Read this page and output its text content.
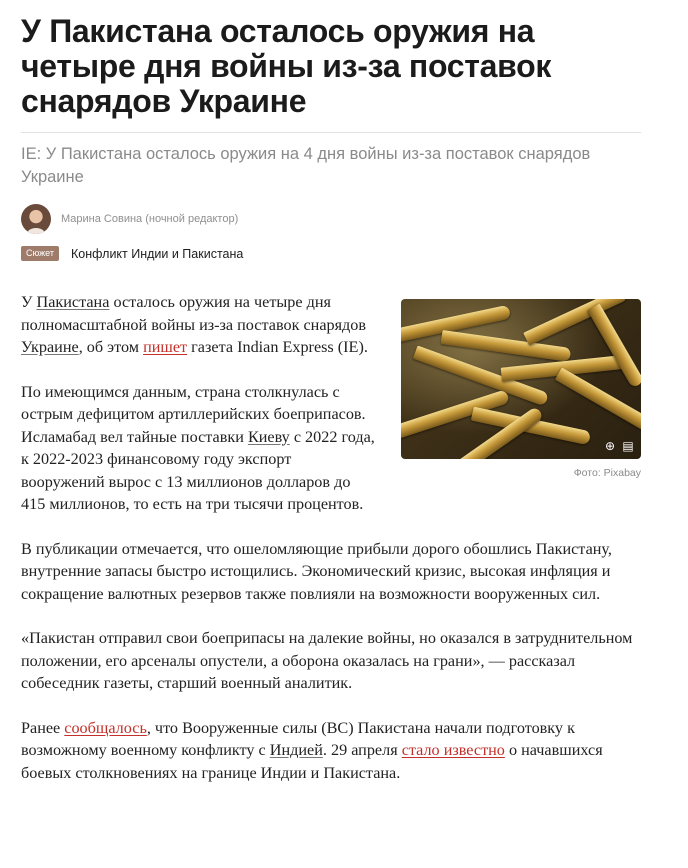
У Пакистана осталось оружия на четыре дня войны из-за поставок снарядов Украине
IE: У Пакистана осталось оружия на 4 дня войны из-за поставок снарядов Украине
Марина Совина (ночной редактор)
Сюжет	Конфликт Индии и Пакистана
⊕ ▤
Фото: Pixabay

У Пакистана осталось оружия на четыре дня полномасштабной войны из-за поставок снарядов Украине, об этом пишет газета Indian Express (IE).

По имеющимся данным, страна столкнулась с острым дефицитом артиллерийских боеприпасов. Исламабад вел тайные поставки Киеву с 2022 года, к 2022-2023 финансовому году экспорт вооружений вырос с 13 миллионов долларов до 415 миллионов, то есть на три тысячи процентов.

В публикации отмечается, что ошеломляющие прибыли дорого обошлись Пакистану, внутренние запасы быстро истощились. Экономический кризис, высокая инфляция и сокращение валютных резервов также повлияли на возможности вооруженных сил.

«Пакистан отправил свои боеприпасы на далекие войны, но оказался в затруднительном положении, его арсеналы опустели, а оборона оказалась на грани», — рассказал собеседник газеты, старший военный аналитик.

Ранее сообщалось, что Вооруженные силы (ВС) Пакистана начали подготовку к возможному военному конфликту с Индией. 29 апреля стало известно о начавшихся боевых столкновениях на границе Индии и Пакистана.
